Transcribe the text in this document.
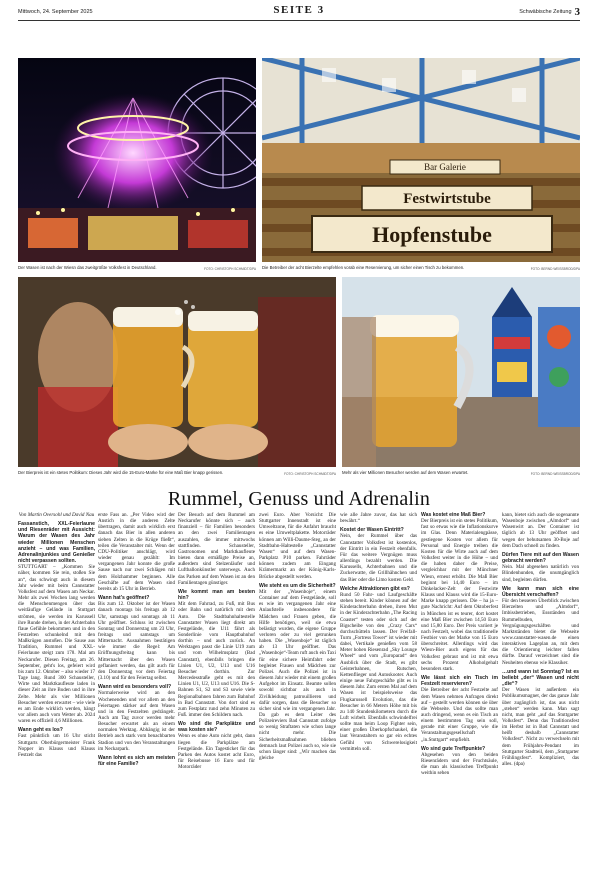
Mittwoch, 24. September 2025	SEITE 3	Schwäbische Zeitung 3
Der Wasen ist nach der Wiesn das zweitgrößte Volksfest in Deutschland.	FOTO: CHRISTOPH SCHMIDT/DPA
Bar Galerie
Festwirtstube
Hopfenstube
Die Betreiber der acht Bierzelte empfehlen vorab eine Reservierung, um sicher einen Tisch zu bekommen.	FOTO: BERND WEISSBROD/DPA
Der Bierpreis ist ein stetes Politikum: Dieses Jahr wird die 15-Euro-Marke für eine Maß Bier knapp gerissen.	FOTO: CHRISTOPH SCHMIDT/DPA Mehr als vier Millionen Besucher werden auf dem Wasen erwartet.	FOTO: BERND WEISSBROD/DPA
Rummel, Genuss und Adrenalin

Von Martin Oversohl und David Nau

Fassanstich, XXL-Feierlaune und Riesenräder mit Aussicht: Warum der Wasen des Jahr wieder Millionen Menschen anzieht – und was Familien, Adrenalinjunkies und Genießer nicht verpassen sollten.

STUTTGART – „Kommen Sie näher, kommen Sie rein, stoßen Sie an“, das schwingt auch in diesem Jahr wieder mit beim Cannstatter Volksfest auf dem Wasen am Neckar. Mehr als zwei Wochen lang werden die Menschenmengen über das weitläufige Gelände in Stuttgart strömen, sie werden im Karussell ihre Runde drehen, in der Achterbahn flaue Gefühle bekommen und in den Festzelten schunkelnd mit den Maßkrügen anstoßen. Die Sause aus Tradition, Rummel und XXL-Feierlaune steigt zum 178. Mal am Neckarufer. Diesen Freitag, am 26. September, geht's los, gefeiert wird bis zum 12. Oktober – also wieder 17 Tage lang. Rund 300 Schausteller, Wirte und Marktkaufleute laden in dieser Zeit an ihre Buden und in ihre Zelte. Mehr als vier Millionen Besucher werden erwartet – wie viele es am Ende wirklich werden, hängt vor allem auch vom Wetter ab. 2024 waren es offiziell 4,6 Millionen.

Wann geht es los?

Fast pünktlich um 16 Uhr sticht Stuttgarts Oberbürgermeister Frank Nopper im Klauss und Klauss Festzelt das

erste Fass an. „Per Video wird der Anstich in die anderen Zelte übertragen, damit auch wirklich erst danach das Bier in allen anderen sieben Zelten in die Krüge fließt“, teilen die Veranstalter mit. Wenn der CDU-Politiker anschlägt, wird wieder genau gezählt: Im vergangenen Jahr konnte die große Sause nach nur zwei Schlägen mit dem Holzhammer beginnen. Alle Geschäfte auf dem Wasen sind bereits ab 15 Uhr in Betrieb.

Wann hat's geöffnet?

Bis zum 12. Oktober ist der Wasen danach montags bis freitags ab 12 Uhr, samstags und sonntags ab 11 Uhr geöffnet. Schluss ist zwischen Sonntag und Donnerstag um 23 Uhr, freitags und samstags um Mitternacht. Ausnahmen bestätigen wie immer die Regel: Am Eröffnungsfreitag kann bis Mitternacht über den Wasen geflaniert werden, das gilt auch für den Donnerstag vor dem Feiertag (3.10) und für den Feiertag selbst.

Wann wird es besonders voll?

Normalerweise wird an den Wochenenden und vor allem an den Feiertagen stärker auf dem Wasen und in den Festzelten gedrängelt. Auch am Tag zuvor werden mehr Besucher erwartet als an einem normalen Werktag. Abhängig ist der Betrieb auch stark vom benachbarten Stadion und von den Veranstaltungen im Neckarpark.

Wann lohnt es sich am meisten für eine Familie?

Der Besuch auf dem Rummel am Neckarufer könnte sich – auch finanziell – für Familien besonders an den zwei Familientagen auszahlen, die immer mittwochs stattfinden. Schausteller, Gastronomen und Marktkaufleute bieten dann ermäßigte Preise an, außerdem sind Stelzenläufer und Luftballonkünstler unterwegs. Auch das Parken auf dem Wasen ist an den Familientagen günstiger.

Wie kommt man am besten hin?

Mit dem Fahrrad, zu Fuß, mit Bus oder Bahn und natürlich mit dem Auto. Die Stadtbahnhaltestelle Cannstatter Wasen liegt direkt am Festgelände, die U11 fährt als Sonderlinie vom Hauptbahnhof dorthin – und auch zurück. An Werktagen passt die Linie U19 zum und vom Wilhelmsplatz (Bad Cannstatt), ebenfalls bringen die Linien U1, U2, U13 und U16 Besucher dorthin. Zur Mercedesstraße geht es mit den Linien U1, U2, U13 und U16. Die S-Bahnen S1, S2 und S3 sowie viele Regionalbahnen fahren zum Bahnhof in Bad Cannstatt. Von dort sind es zum Festplatz rund zehn Minuten zu Fuß. immer den Schildern nach.

Wo sind die Parkplätze und was kosten sie?

Wenn es ohne Auto nicht geht, dann liegen die Parkplätze am Festgelände. Ein Tagesticket für das Parken des Autos kostet acht Euro, für Reisebusse 16 Euro und für Motorräder

zwei Euro. Aber Vorsicht: Die Stuttgarter Innenstadt ist eine Umweltzone, für die Anfahrt braucht es eine Umweltplakette. Motorräder können am Willi-Daume-Steg, an der Stadtbahn-Haltestelle „Cannstatter Wasen“ und auf dem Wasen-Parkplatz P10 parken. Fahrräder können zudem am Eingang Krämermarkt an der König-Karls-Brücke abgestellt werden.

Wie steht es um die Sicherheit?

Mit der „Wasenboje“, einem Container auf dem Festgelände, soll es wie im vergangenen Jahr eine Anlaufstelle insbesondere für Mädchen und Frauen geben, die Hilfe benötigen, weil sie etwa belästigt wurden, die eigene Gruppe verloren oder zu viel getrunken haben. Die „Wasenboje“ ist täglich ab 13 Uhr geöffnet. Das „Wasenboje“-Team ruft auch ein Taxi für eine sichere Heimfahrt oder begleitet Frauen und Mädchen zur Polizei. Auch die Polizei ist in diesem Jahr wieder mit einem großen Aufgebot im Einsatz. Beamte sollen sowohl sichtbar als auch in Zivilkleidung patrouillieren und dafür sorgen, dass die Besucher so sicher sind wie im vergangenen Jahr. Da gab es dem Leiter des Polizeireviers Bad Cannstatt zufolge so wenig Straftaten wie schon lange nicht mehr. Die Sicherheitsmaßnahmen blieben demnach laut Polizei auch so, wie sie schon länger sind: „Wir machen das gleiche

wie alle Jahre zuvor, das hat sich bewährt.“

Kostet der Wasen Eintritt?

Nein, der Rummel über das Cannstatter Volksfest ist kostenlos, der Eintritt in ein Festzelt ebenfalls. Für das weitere Vergnügen muss allerdings bezahlt werden. Die Karussells, Achterbahnen und die Zuckerwatte, die Grillhähnchen und das Bier oder die Limo kosten Geld.

Welche Attraktionen gibt es?

Rund 50 Fahr- und Laufgeschäfte stehen bereit. Kinder können auf der Kinderachterbahn drehen, ihren Mut in der Kinderachterbahn „The Racing Coaster“ testen oder sich auf der Bigscheibe von den „Crazy Cars“ durchschütteln lassen. Der Freifall-Turm „Fortress Tower“ ist wieder mit dabei, Vertikale genießen vom 58 Meter hohen Riesenrad „Sky Lounge Wheel“ und vom „Europarad“ den Ausblick über die Stadt, es gibt Geisterbahnen, Rutschen, Kettenflieger und Autoskooter. Auch einige neue Fahrgeschäfte gibt es in diesem Jahr. Zum ersten Mal auf dem Wasen ist beispielsweise das Flugkarussell Evolution, das die Besucher in 66 Metern Höhe mit bis zu 140 Stundenkilometern durch die Luft wirbelt. Ebenfalls schwindelfrei sollte man beim Loop Fighter sein, einer großen Überkopfschaukel, die laut Veranstaltern so gar ein echtes Gefühl von Schwerelosigkeit vermitteln soll.

Was kostet eine Maß Bier?

Der Bierpreis ist ein stetes Politikum, fast so etwas wie die Inflationskurve im Glas. Denn Materialengpässe, gestiegene Kosten vor allem für Personal und Energie treiben die Kosten für die Wirte auch auf dem Volksfest weiter in die Höhe – und die haben daher die Preise, vergleichbar mit der Münchner Wiesn, erneut erhöht. Die Maß Bier beginnt bei 14,40 Euro – im Dinkelacker-Zelt der Festwirte Klauss und Klauss wird die 15-Euro-Marke knapp gerissen. Die – ha ja – gute Nachricht: Auf dem Oktoberfest in München ist es teurer, dort kostet eine Maß Bier zwischen 14,50 Euro und 15,80 Euro. Der Preis variiert je nach Festzelt, wobei das traditionelle Festbier von der Marke von 15 Euro überschreitet. Allerdings wird das Wiesn-Bier auch eigens für das Volksfest gebraut und ist mit etwa sechs Prozent Alkoholgehalt besonders stark.

Wie lässt sich ein Tisch im Festzelt reservieren?

Die Betreiber der acht Festzelte auf dem Wasen nehmen Anfragen direkt auf – gestellt werden können sie über die Webseite. Und das sollte man auch dringend, wenn es ein Tisch an einem bestimmten Tag sein soll, gerade mit einer Gruppe, wie die Veranstaltungsgesellschaft „in.Stuttgart“ empfiehlt.

Wo sind gute Treffpunkte?

Abgesehen von den beiden Riesenrädern und der Fruchtsäule, die man als klassischen Treffpunkt weithin sehen

kann, bietet sich auch die sogenannte Wasenboje zwischen „Almdorf“ und Wasenwirt an. Der Container ist täglich ab 13 Uhr geöffnet und wegen der behutsamen 30-Boje auf dem Dach schnell zu finden.

Dürfen Tiere mit auf den Wasen gebracht werden?

Nein. Mal abgesehen natürlich von Blindenhunden, die unumgänglich sind, begleiten dürfen.

Wie kann man sich eine Übersicht verschaffen?

Für den besseren Überblick zwischen Bierzelten und „Almdorf“, Imbissbetrieben, Essständen und Rummelbuden, Vergnügungsgeschäften und Marktständen bietet die Webseite www.cannstatter-wasen.de einen interaktiven Lageplan an, mit dem die Orientierung leichter fallen dürfte. Darauf verzeichnet sind die Neuheiten ebenso wie Klassiker.

…und wann ist Sonntag? Ist es beliebt „der“ Wasen und nicht „die“?

Der Wasen ist außerdem ein Publikumsmagnet, der das ganze Jahr über zugänglich ist, das aus nicht „stehen“ werden kann. Man sagt nicht, man geht „auf das Stuttgarter Volksfest“. Denn das Traditionsfest im Herbst ist in Bad Cannstatt und heißt deshalb „Cannstatter Volksfest“. Nicht zu verwechseln mit dem Frühjahrs-Pendant im Stuttgarter Stadtteil, dem „Stuttgarter Frühlingsfest“. Kompliziert, das alles. (dpa)
